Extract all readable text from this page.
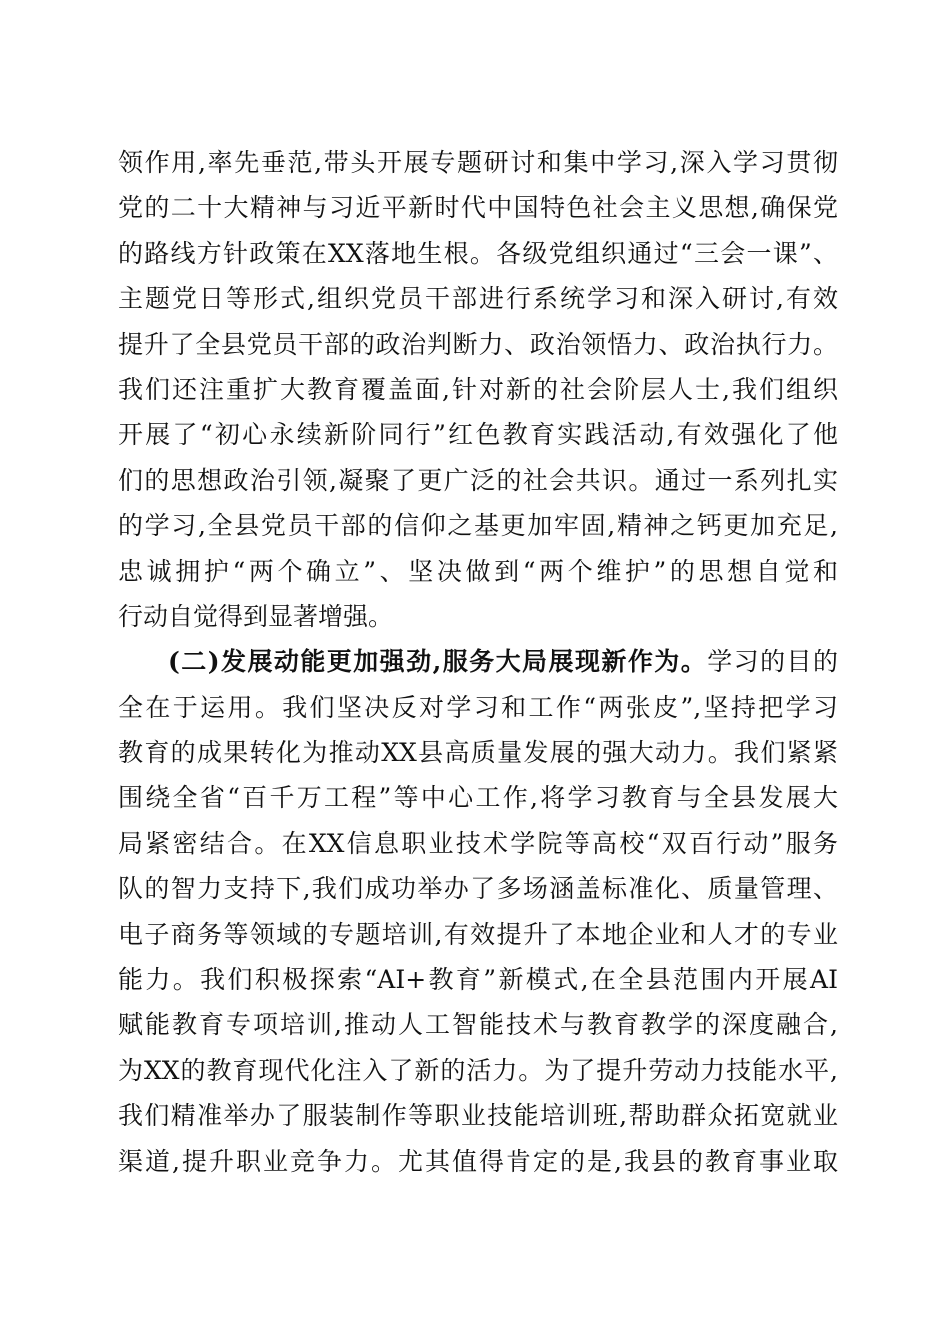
领作用,率先垂范,带头开展专题研讨和集中学习,深入学习贯彻
党的二十大精神与习近平新时代中国特色社会主义思想,确保党
的路线方针政策在XX落地生根。各级党组织通过“三会一课”、
主题党日等形式,组织党员干部进行系统学习和深入研讨,有效
提升了全县党员干部的政治判断力、政治领悟力、政治执行力。
我们还注重扩大教育覆盖面,针对新的社会阶层人士,我们组织
开展了“初心永续新阶同行”红色教育实践活动,有效强化了他
们的思想政治引领,凝聚了更广泛的社会共识。通过一系列扎实
的学习,全县党员干部的信仰之基更加牢固,精神之钙更加充足,
忠诚拥护“两个确立”、坚决做到“两个维护”的思想自觉和
行动自觉得到显著增强。
(二)发展动能更加强劲,服务大局展现新作为。学习的目的
全在于运用。我们坚决反对学习和工作“两张皮”,坚持把学习
教育的成果转化为推动XX县高质量发展的强大动力。我们紧紧
围绕全省“百千万工程”等中心工作,将学习教育与全县发展大
局紧密结合。在XX信息职业技术学院等高校“双百行动”服务
队的智力支持下,我们成功举办了多场涵盖标准化、质量管理、
电子商务等领域的专题培训,有效提升了本地企业和人才的专业
能力。我们积极探索“AI+教育”新模式,在全县范围内开展AI
赋能教育专项培训,推动人工智能技术与教育教学的深度融合,
为XX的教育现代化注入了新的活力。为了提升劳动力技能水平,
我们精准举办了服装制作等职业技能培训班,帮助群众拓宽就业
渠道,提升职业竞争力。尤其值得肯定的是,我县的教育事业取
